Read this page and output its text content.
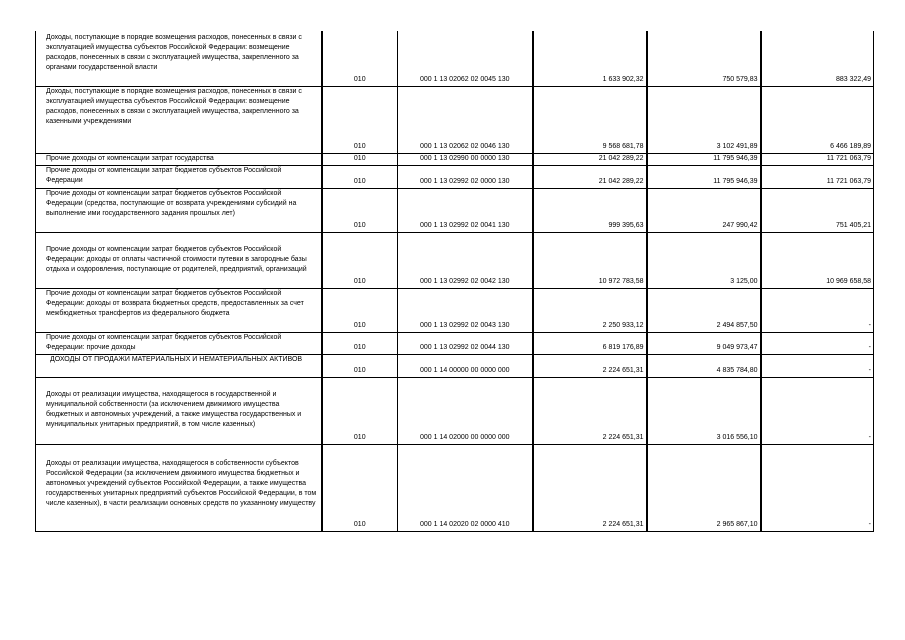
Доходы, поступающие в порядке возмещения расходов, понесенных в связи с эксплуатацией имущества субъектов Российской Федерации: возмещение расходов, понесенных в связи с эксплуатацией имущества, закрепленного за органами государственной власти	010	000 1 13 02062 02 0045 130	1 633 902,32	750 579,83	883 322,49
Доходы, поступающие в порядке возмещения расходов, понесенных в связи с эксплуатацией имущества субъектов Российской Федерации: возмещение расходов, понесенных в связи с эксплуатацией имущества, закрепленного за казенными учреждениями	010	000 1 13 02062 02 0046 130	9 568 681,78	3 102 491,89	6 466 189,89
Прочие доходы от компенсации затрат государства	010	000 1 13 02990 00 0000 130	21 042 289,22	11 795 946,39	11 721 063,79
Прочие доходы от компенсации затрат бюджетов субъектов Российской Федерации	010	000 1 13 02992 02 0000 130	21 042 289,22	11 795 946,39	11 721 063,79
Прочие доходы от компенсации затрат бюджетов субъектов Российской Федерации (средства, поступающие от возврата учреждениями субсидий на выполнение ими государственного задания прошлых лет)	010	000 1 13 02992 02 0041 130	999 395,63	247 990,42	751 405,21
Прочие доходы от компенсации затрат бюджетов субъектов Российской Федерации: доходы от оплаты частичной стоимости путевки в загородные базы отдыха и оздоровления, поступающие от родителей, предприятий, организаций	010	000 1 13 02992 02 0042 130	10 972 783,58	3 125,00	10 969 658,58
Прочие доходы от компенсации затрат бюджетов субъектов Российской Федерации: доходы от возврата бюджетных средств, предоставленных за счет межбюджетных трансфертов из федерального бюджета	010	000 1 13 02992 02 0043 130	2 250 933,12	2 494 857,50	-
Прочие доходы от компенсации затрат бюджетов субъектов Российской Федерации: прочие доходы	010	000 1 13 02992 02 0044 130	6 819 176,89	9 049 973,47	-
ДОХОДЫ ОТ ПРОДАЖИ МАТЕРИАЛЬНЫХ И НЕМАТЕРИАЛЬНЫХ АКТИВОВ	010	000 1 14 00000 00 0000 000	2 224 651,31	4 835 784,80	-
Доходы от реализации имущества, находящегося в государственной и муниципальной собственности (за исключением движимого имущества бюджетных и автономных учреждений, а также имущества государственных и муниципальных унитарных предприятий, в том числе казенных)	010	000 1 14 02000 00 0000 000	2 224 651,31	3 016 556,10	-
Доходы от реализации имущества, находящегося в собственности субъектов Российской Федерации (за исключением движимого имущества бюджетных и автономных учреждений субъектов Российской Федерации, а также имущества государственных унитарных предприятий субъектов Российской Федерации, в том числе казенных), в части реализации основных средств по указанному имуществу	010	000 1 14 02020 02 0000 410	2 224 651,31	2 965 867,10	-
